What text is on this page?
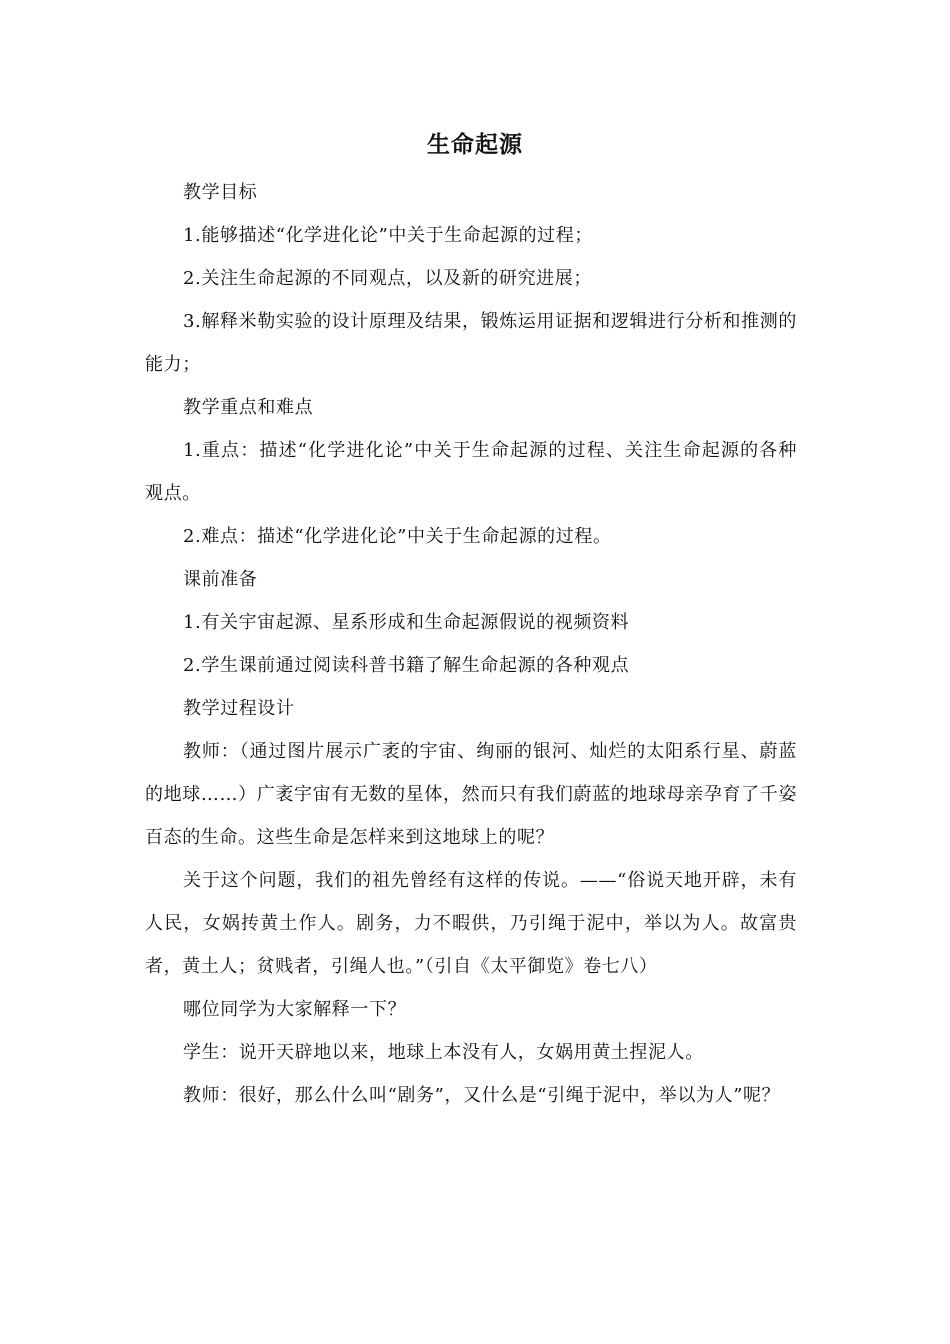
生命起源

教学目标

1.能够描述“化学进化论”中关于生命起源的过程；

2.关注生命起源的不同观点，以及新的研究进展；

3.解释米勒实验的设计原理及结果，锻炼运用证据和逻辑进行分析和推测的能力；

教学重点和难点

1.重点：描述“化学进化论”中关于生命起源的过程、关注生命起源的各种观点。

2.难点：描述“化学进化论”中关于生命起源的过程。

课前准备

1.有关宇宙起源、星系形成和生命起源假说的视频资料

2.学生课前通过阅读科普书籍了解生命起源的各种观点

教学过程设计

教师：（通过图片展示广袤的宇宙、绚丽的银河、灿烂的太阳系行星、蔚蓝的地球……）广袤宇宙有无数的星体，然而只有我们蔚蓝的地球母亲孕育了千姿百态的生命。这些生命是怎样来到这地球上的呢？

关于这个问题，我们的祖先曾经有这样的传说。——“俗说天地开辟，未有人民，女娲抟黄土作人。剧务，力不暇供，乃引绳于泥中，举以为人。故富贵者，黄土人；贫贱者，引绳人也。”（引自《太平御览》卷七八）

哪位同学为大家解释一下？

学生：说开天辟地以来，地球上本没有人，女娲用黄土捏泥人。

教师：很好，那么什么叫“剧务”，又什么是“引绳于泥中，举以为人”呢？
